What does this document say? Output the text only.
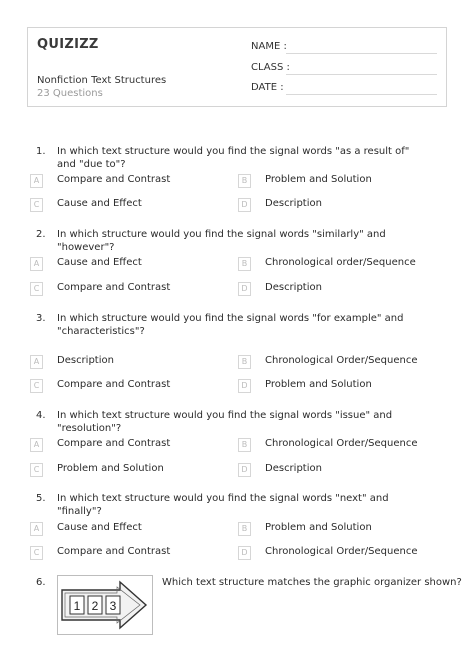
QUIZIZZ
Nonfiction Text Structures
23 Questions
NAME :
CLASS :
DATE :
1. In which text structure would you find the signal words "as a result of" and "due to"?
A	Compare and Contrast	B	Problem and Solution
C	Cause and Effect	D	Description
2. In which structure would you find the signal words "similarly" and "however"?
A	Cause and Effect	B	Chronological order/Sequence
C	Compare and Contrast	D	Description
3. In which structure would you find the signal words "for example" and "characteristics"?
A	Description	B	Chronological Order/Sequence
C	Compare and Contrast	D	Problem and Solution
4. In which text structure would you find the signal words "issue" and "resolution"?
A	Compare and Contrast	B	Chronological Order/Sequence
C	Problem and Solution	D	Description
5. In which text structure would you find the signal words "next" and "finally"?
A	Cause and Effect	B	Problem and Solution
C	Compare and Contrast	D	Chronological Order/Sequence
6.	Which text structure matches the graphic organizer shown?
1 2 3
